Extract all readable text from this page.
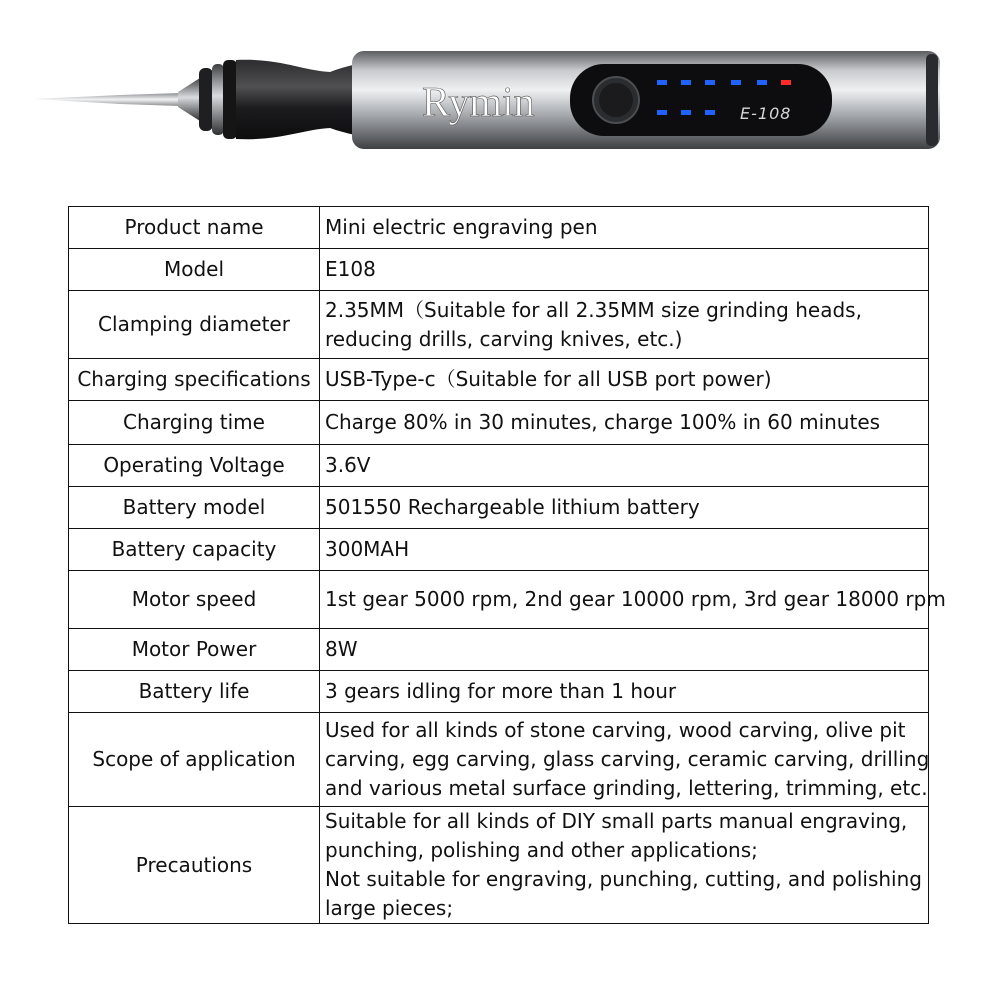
Rymin	E-108
Product name	Mini electric engraving pen

Model	E108

Clamping diameter	2.35MM（Suitable for all 2.35MM size grinding heads,
reducing drills, carving knives, etc.)

Charging specifications	USB-Type-c（Suitable for all USB port power)

Charging time	Charge 80% in 30 minutes, charge 100% in 60 minutes

Operating Voltage	3.6V

Battery model	501550 Rechargeable lithium battery

Battery capacity	300MAH

Motor speed	1st gear 5000 rpm, 2nd gear 10000 rpm, 3rd gear 18000 rpm

Motor Power	8W

Battery life	3 gears idling for more than 1 hour

Scope of application	Used for all kinds of stone carving, wood carving, olive pit
carving, egg carving, glass carving, ceramic carving, drilling
and various metal surface grinding, lettering, trimming, etc.

Precautions	Suitable for all kinds of DIY small parts manual engraving,
punching, polishing and other applications;
Not suitable for engraving, punching, cutting, and polishing
large pieces;
